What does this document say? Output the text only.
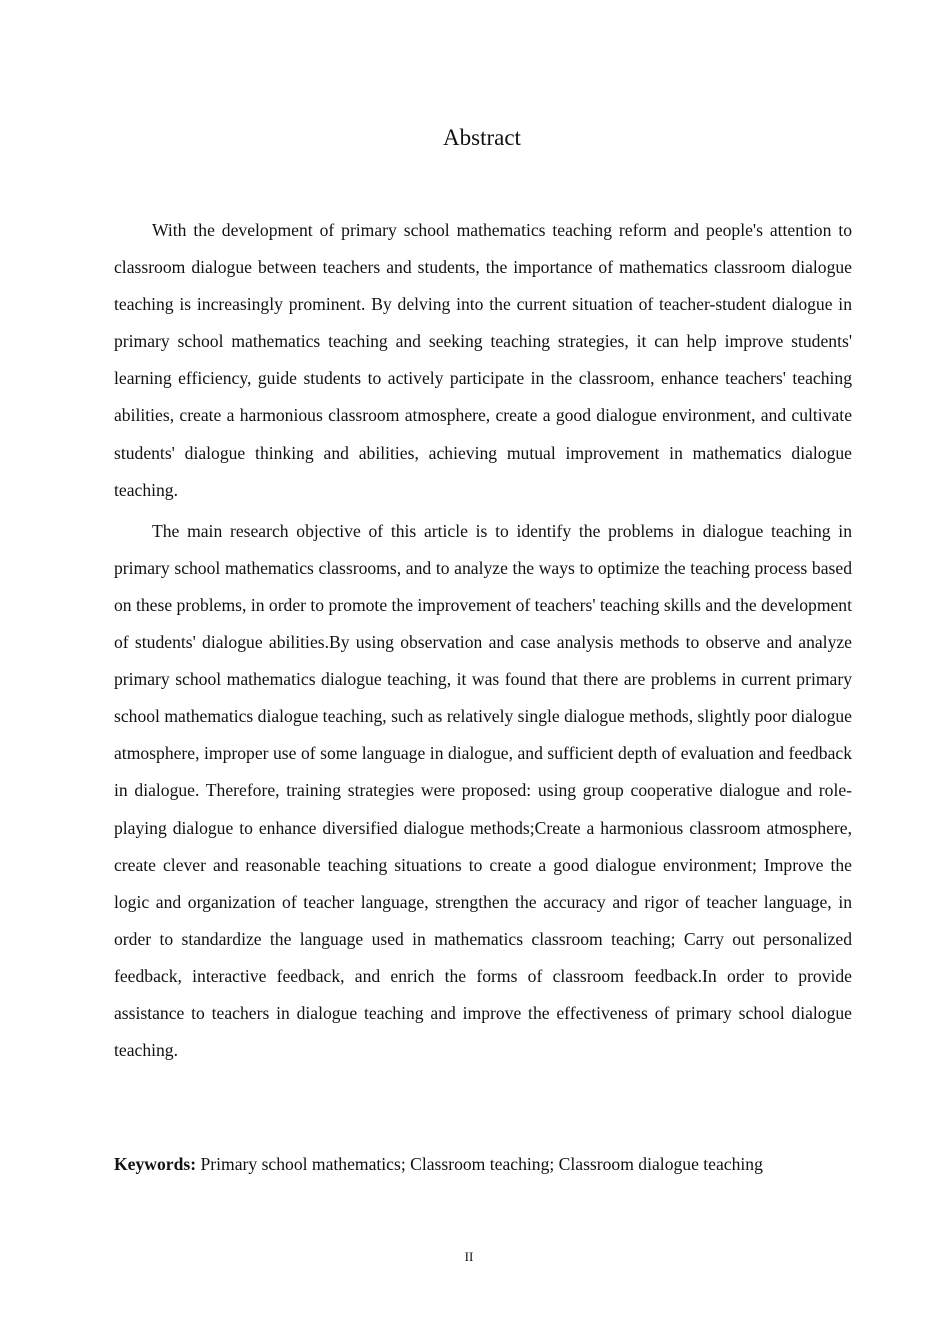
Abstract

With the development of primary school mathematics teaching reform and people's attention to classroom dialogue between teachers and students, the importance of mathematics classroom dialogue teaching is increasingly prominent. By delving into the current situation of teacher-student dialogue in primary school mathematics teaching and seeking teaching strategies, it can help improve students' learning efficiency, guide students to actively participate in the classroom, enhance teachers' teaching abilities, create a harmonious classroom atmosphere, create a good dialogue environment, and cultivate students' dialogue thinking and abilities, achieving mutual improvement in mathematics dialogue teaching.

The main research objective of this article is to identify the problems in dialogue teaching in primary school mathematics classrooms, and to analyze the ways to optimize the teaching process based on these problems, in order to promote the improvement of teachers' teaching skills and the development of students' dialogue abilities.By using observation and case analysis methods to observe and analyze primary school mathematics dialogue teaching, it was found that there are problems in current primary school mathematics dialogue teaching, such as relatively single dialogue methods, slightly poor dialogue atmosphere, improper use of some language in dialogue, and sufficient depth of evaluation and feedback in dialogue. Therefore, training strategies were proposed: using group cooperative dialogue and role-playing dialogue to enhance diversified dialogue methods;Create a harmonious classroom atmosphere, create clever and reasonable teaching situations to create a good dialogue environment; Improve the logic and organization of teacher language, strengthen the accuracy and rigor of teacher language, in order to standardize the language used in mathematics classroom teaching; Carry out personalized feedback, interactive feedback, and enrich the forms of classroom feedback.In order to provide assistance to teachers in dialogue teaching and improve the effectiveness of primary school dialogue teaching.

Keywords: Primary school mathematics; Classroom teaching; Classroom dialogue teaching

II
